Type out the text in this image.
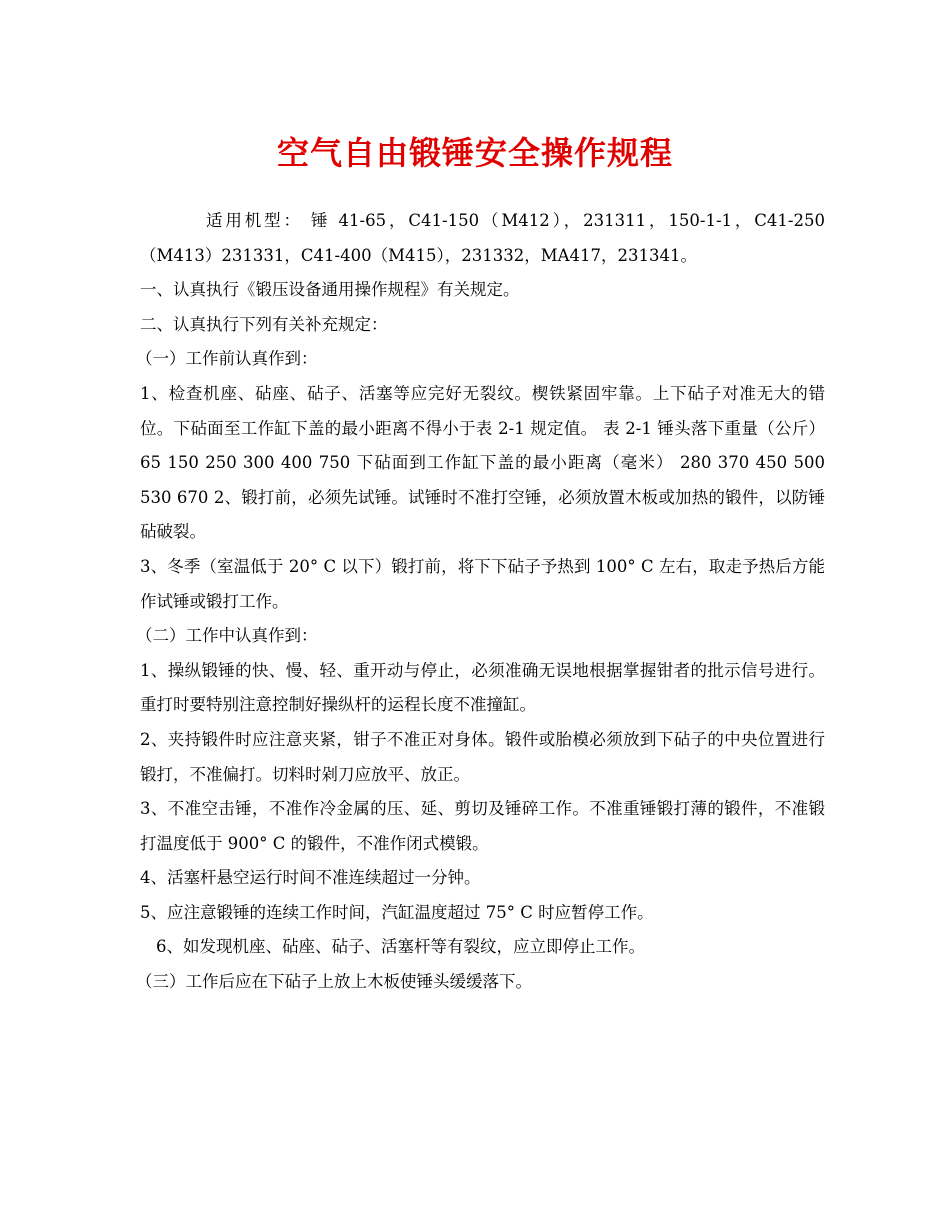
空气自由锻锤安全操作规程

适用机型： 锤 41-65，C41-150（M412），231311，150-1-1，C41-250（M413）231331，C41-400（M415），231332，MA417，231341。

一、认真执行《锻压设备通用操作规程》有关规定。

二、认真执行下列有关补充规定：

（一）工作前认真作到：

1、检查机座、砧座、砧子、活塞等应完好无裂纹。楔铁紧固牢靠。上下砧子对准无大的错位。下砧面至工作缸下盖的最小距离不得小于表 2-1 规定值。 表 2-1 锤头落下重量（公斤） 65 150 250 300 400 750 下砧面到工作缸下盖的最小距离（毫米） 280 370 450 500 530 670 2、锻打前，必须先试锤。试锤时不准打空锤，必须放置木板或加热的锻件，以防锤砧破裂。

3、冬季（室温低于 20° C 以下）锻打前，将下下砧子予热到 100° C 左右，取走予热后方能作试锤或锻打工作。

（二）工作中认真作到：

1、操纵锻锤的快、慢、轻、重开动与停止，必须准确无误地根据掌握钳者的批示信号进行。重打时要特别注意控制好操纵杆的运程长度不准撞缸。

2、夹持锻件时应注意夹紧，钳子不准正对身体。锻件或胎模必须放到下砧子的中央位置进行锻打，不准偏打。切料时剁刀应放平、放正。

3、不准空击锤，不准作冷金属的压、延、剪切及锤碎工作。不准重锤锻打薄的锻件，不准锻打温度低于 900° C 的锻件，不准作闭式模锻。

4、活塞杆悬空运行时间不准连续超过一分钟。

5、应注意锻锤的连续工作时间，汽缸温度超过 75° C 时应暂停工作。

6、如发现机座、砧座、砧子、活塞杆等有裂纹，应立即停止工作。

（三）工作后应在下砧子上放上木板使锤头缓缓落下。
